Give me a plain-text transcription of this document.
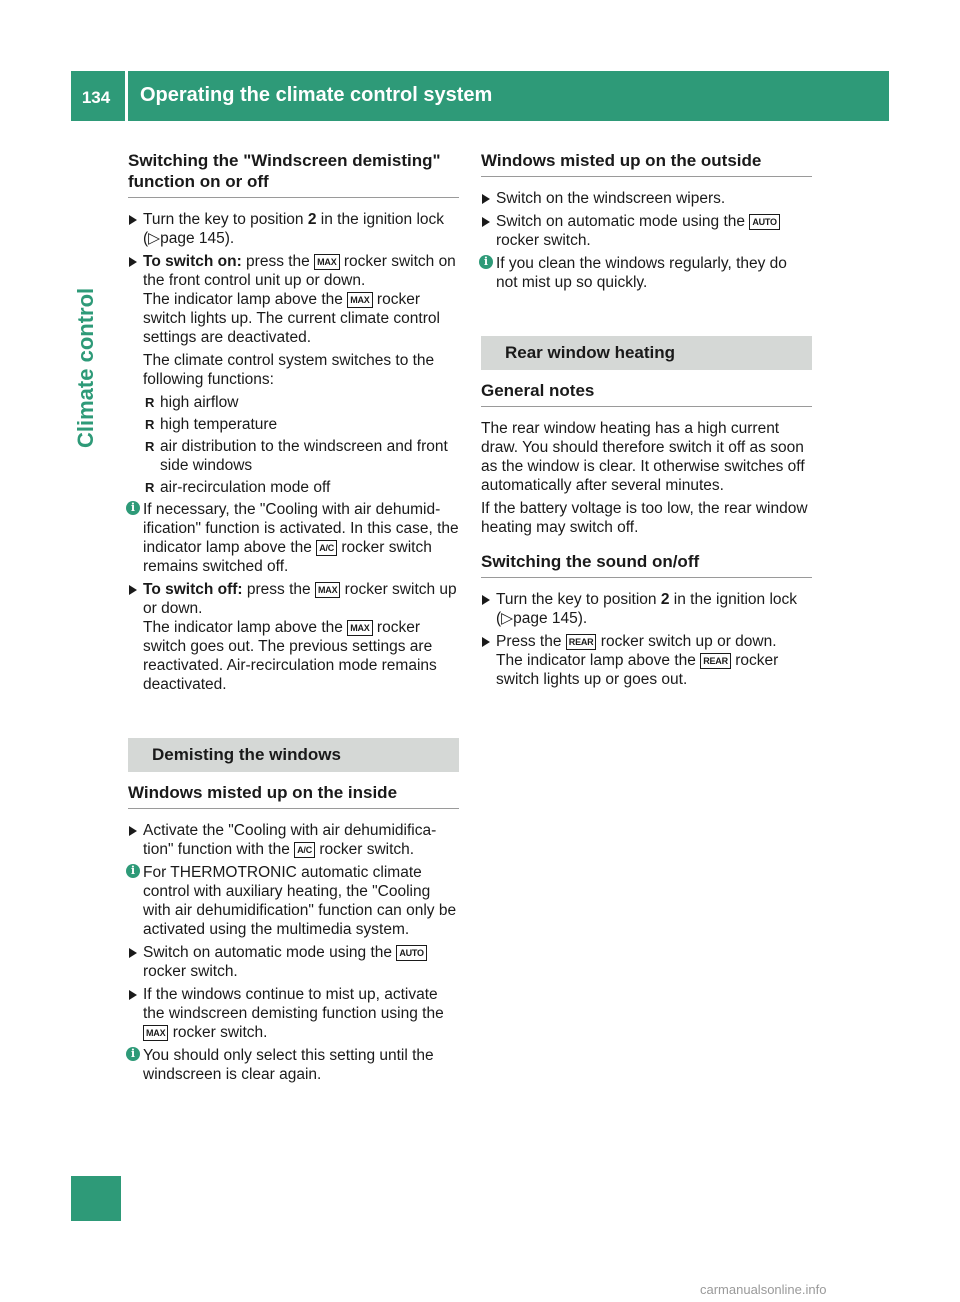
134	Operating the climate control system
Climate control
Switching the "Windscreen demisting" function on or off
Turn the key to position 2 in the ignition lock (▷page 145).
To switch on: press the MAX rocker switch on the front control unit up or down.
The indicator lamp above the MAX rocker switch lights up. The current climate control settings are deactivated.
The climate control system switches to the following functions:
R high airflow
R high temperature
R air distribution to the windscreen and front side windows
R air-recirculation mode off
i If necessary, the "Cooling with air dehumid-ification" function is activated. In this case, the indicator lamp above the A/C rocker switch remains switched off.
To switch off: press the MAX rocker switch up or down.
The indicator lamp above the MAX rocker switch goes out. The previous settings are reactivated. Air-recirculation mode remains deactivated.
Demisting the windows
Windows misted up on the inside
Activate the "Cooling with air dehumidifica-tion" function with the A/C rocker switch.
i For THERMOTRONIC automatic climate control with auxiliary heating, the "Cooling with air dehumidification" function can only be activated using the multimedia system.
Switch on automatic mode using the AUTO rocker switch.
If the windows continue to mist up, activate the windscreen demisting function using the MAX rocker switch.
i You should only select this setting until the windscreen is clear again.
Windows misted up on the outside
Switch on the windscreen wipers.
Switch on automatic mode using the AUTO rocker switch.
i If you clean the windows regularly, they do not mist up so quickly.
Rear window heating
General notes
The rear window heating has a high current draw. You should therefore switch it off as soon as the window is clear. It otherwise switches off automatically after several minutes.
If the battery voltage is too low, the rear window heating may switch off.
Switching the sound on/off
Turn the key to position 2 in the ignition lock (▷page 145).
Press the REAR rocker switch up or down.
The indicator lamp above the REAR rocker switch lights up or goes out.
carmanualsonline.info
